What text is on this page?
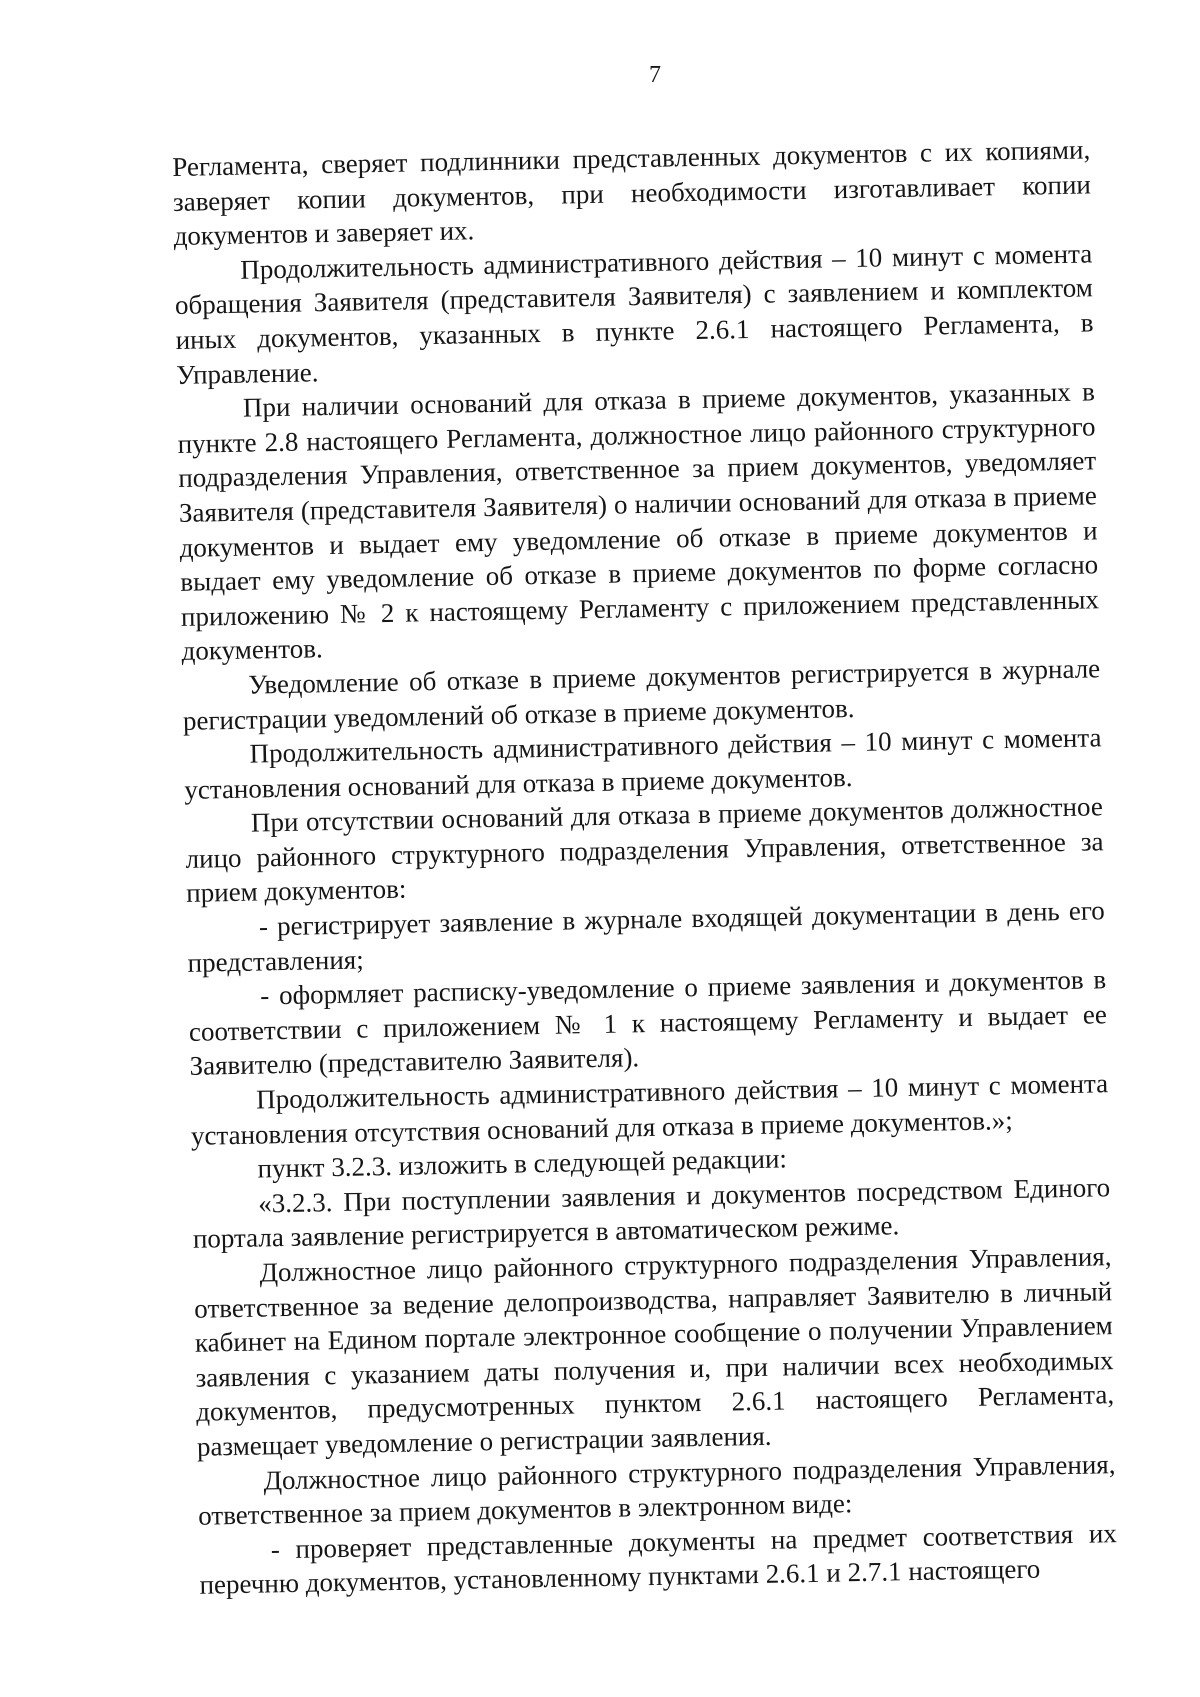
7

Регламента, сверяет подлинники представленных документов с их копиями, заверяет копии документов, при необходимости изготавливает копии документов и заверяет их.

Продолжительность административного действия – 10 минут с момента обращения Заявителя (представителя Заявителя) с заявлением и комплектом иных документов, указанных в пункте 2.6.1 настоящего Регламента, в Управление.

При наличии оснований для отказа в приеме документов, указанных в пункте 2.8 настоящего Регламента, должностное лицо районного структурного подразделения Управления, ответственное за прием документов, уведомляет Заявителя (представителя Заявителя) о наличии оснований для отказа в приеме документов и выдает ему уведомление об отказе в приеме документов и выдает ему уведомление об отказе в приеме документов по форме согласно приложению № 2 к настоящему Регламенту с приложением представленных документов.

Уведомление об отказе в приеме документов регистрируется в журнале регистрации уведомлений об отказе в приеме документов.

Продолжительность административного действия – 10 минут с момента установления оснований для отказа в приеме документов.

При отсутствии оснований для отказа в приеме документов должностное лицо районного структурного подразделения Управления, ответственное за прием документов:

- регистрирует заявление в журнале входящей документации в день его представления;

- оформляет расписку-уведомление о приеме заявления и документов в соответствии с приложением № 1 к настоящему Регламенту и выдает ее Заявителю (представителю Заявителя).

Продолжительность административного действия – 10 минут с момента установления отсутствия оснований для отказа в приеме документов.»;

пункт 3.2.3. изложить в следующей редакции:

«3.2.3. При поступлении заявления и документов посредством Единого портала заявление регистрируется в автоматическом режиме.

Должностное лицо районного структурного подразделения Управления, ответственное за ведение делопроизводства, направляет Заявителю в личный кабинет на Едином портале электронное сообщение о получении Управлением заявления с указанием даты получения и, при наличии всех необходимых документов, предусмотренных пунктом 2.6.1 настоящего Регламента, размещает уведомление о регистрации заявления.

Должностное лицо районного структурного подразделения Управления, ответственное за прием документов в электронном виде:

- проверяет представленные документы на предмет соответствия их перечню документов, установленному пунктами 2.6.1 и 2.7.1 настоящего
